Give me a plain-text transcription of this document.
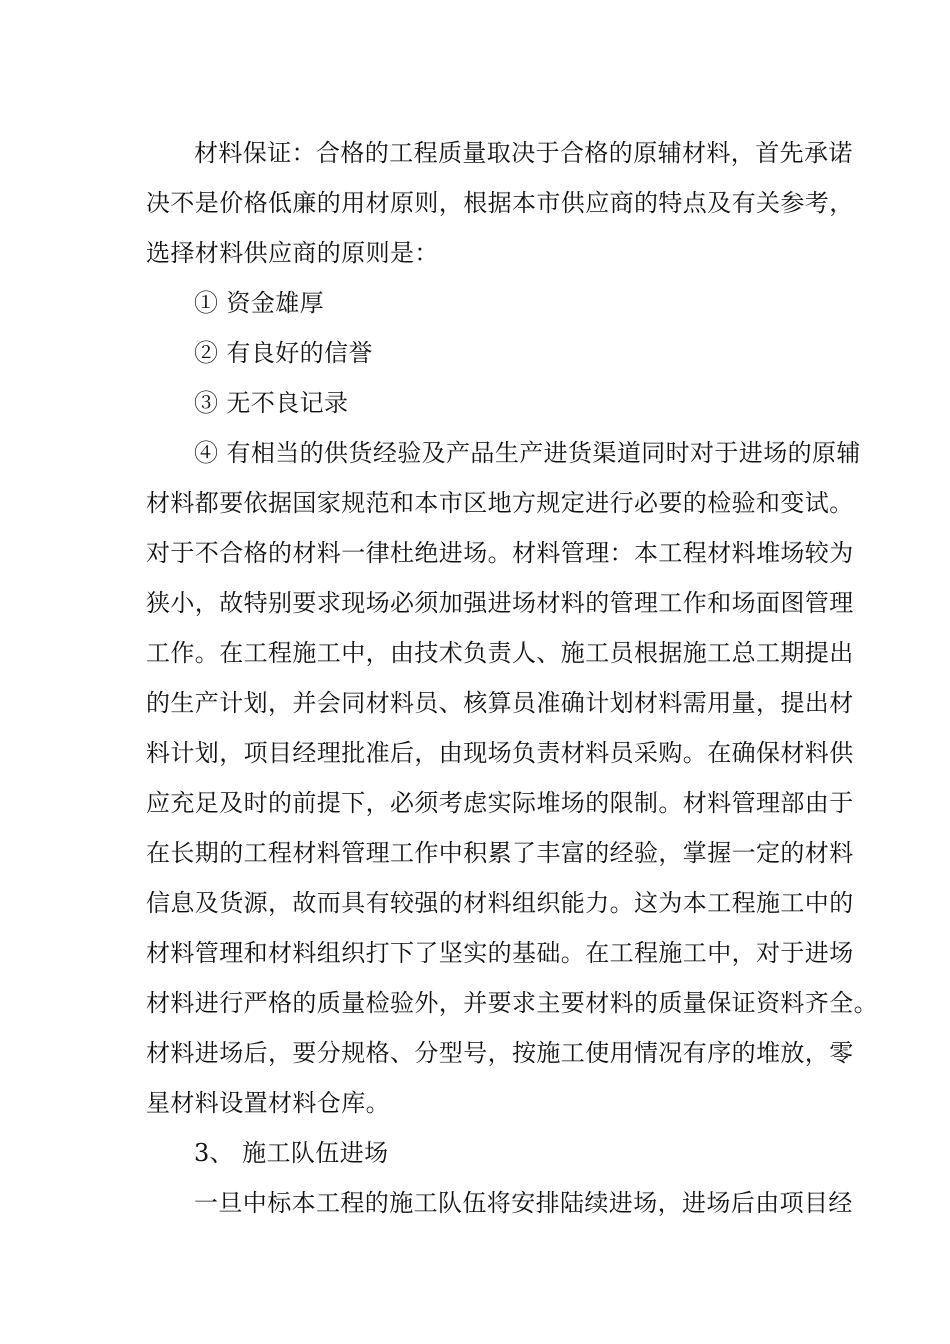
材料保证：合格的工程质量取决于合格的原辅材料，首先承诺
决不是价格低廉的用材原则，根据本市供应商的特点及有关参考，
选择材料供应商的原则是：
① 资金雄厚
② 有良好的信誉
③ 无不良记录
④ 有相当的供货经验及产品生产进货渠道同时对于进场的原辅
材料都要依据国家规范和本市区地方规定进行必要的检验和变试。
对于不合格的材料一律杜绝进场。材料管理：本工程材料堆场较为
狭小，故特别要求现场必须加强进场材料的管理工作和场面图管理
工作。在工程施工中，由技术负责人、施工员根据施工总工期提出
的生产计划，并会同材料员、核算员准确计划材料需用量，提出材
料计划，项目经理批准后，由现场负责材料员采购。在确保材料供
应充足及时的前提下，必须考虑实际堆场的限制。材料管理部由于
在长期的工程材料管理工作中积累了丰富的经验，掌握一定的材料
信息及货源，故而具有较强的材料组织能力。这为本工程施工中的
材料管理和材料组织打下了坚实的基础。在工程施工中，对于进场
材料进行严格的质量检验外，并要求主要材料的质量保证资料齐全。
材料进场后，要分规格、分型号，按施工使用情况有序的堆放，零
星材料设置材料仓库。
3、 施工队伍进场
一旦中标本工程的施工队伍将安排陆续进场，进场后由项目经
